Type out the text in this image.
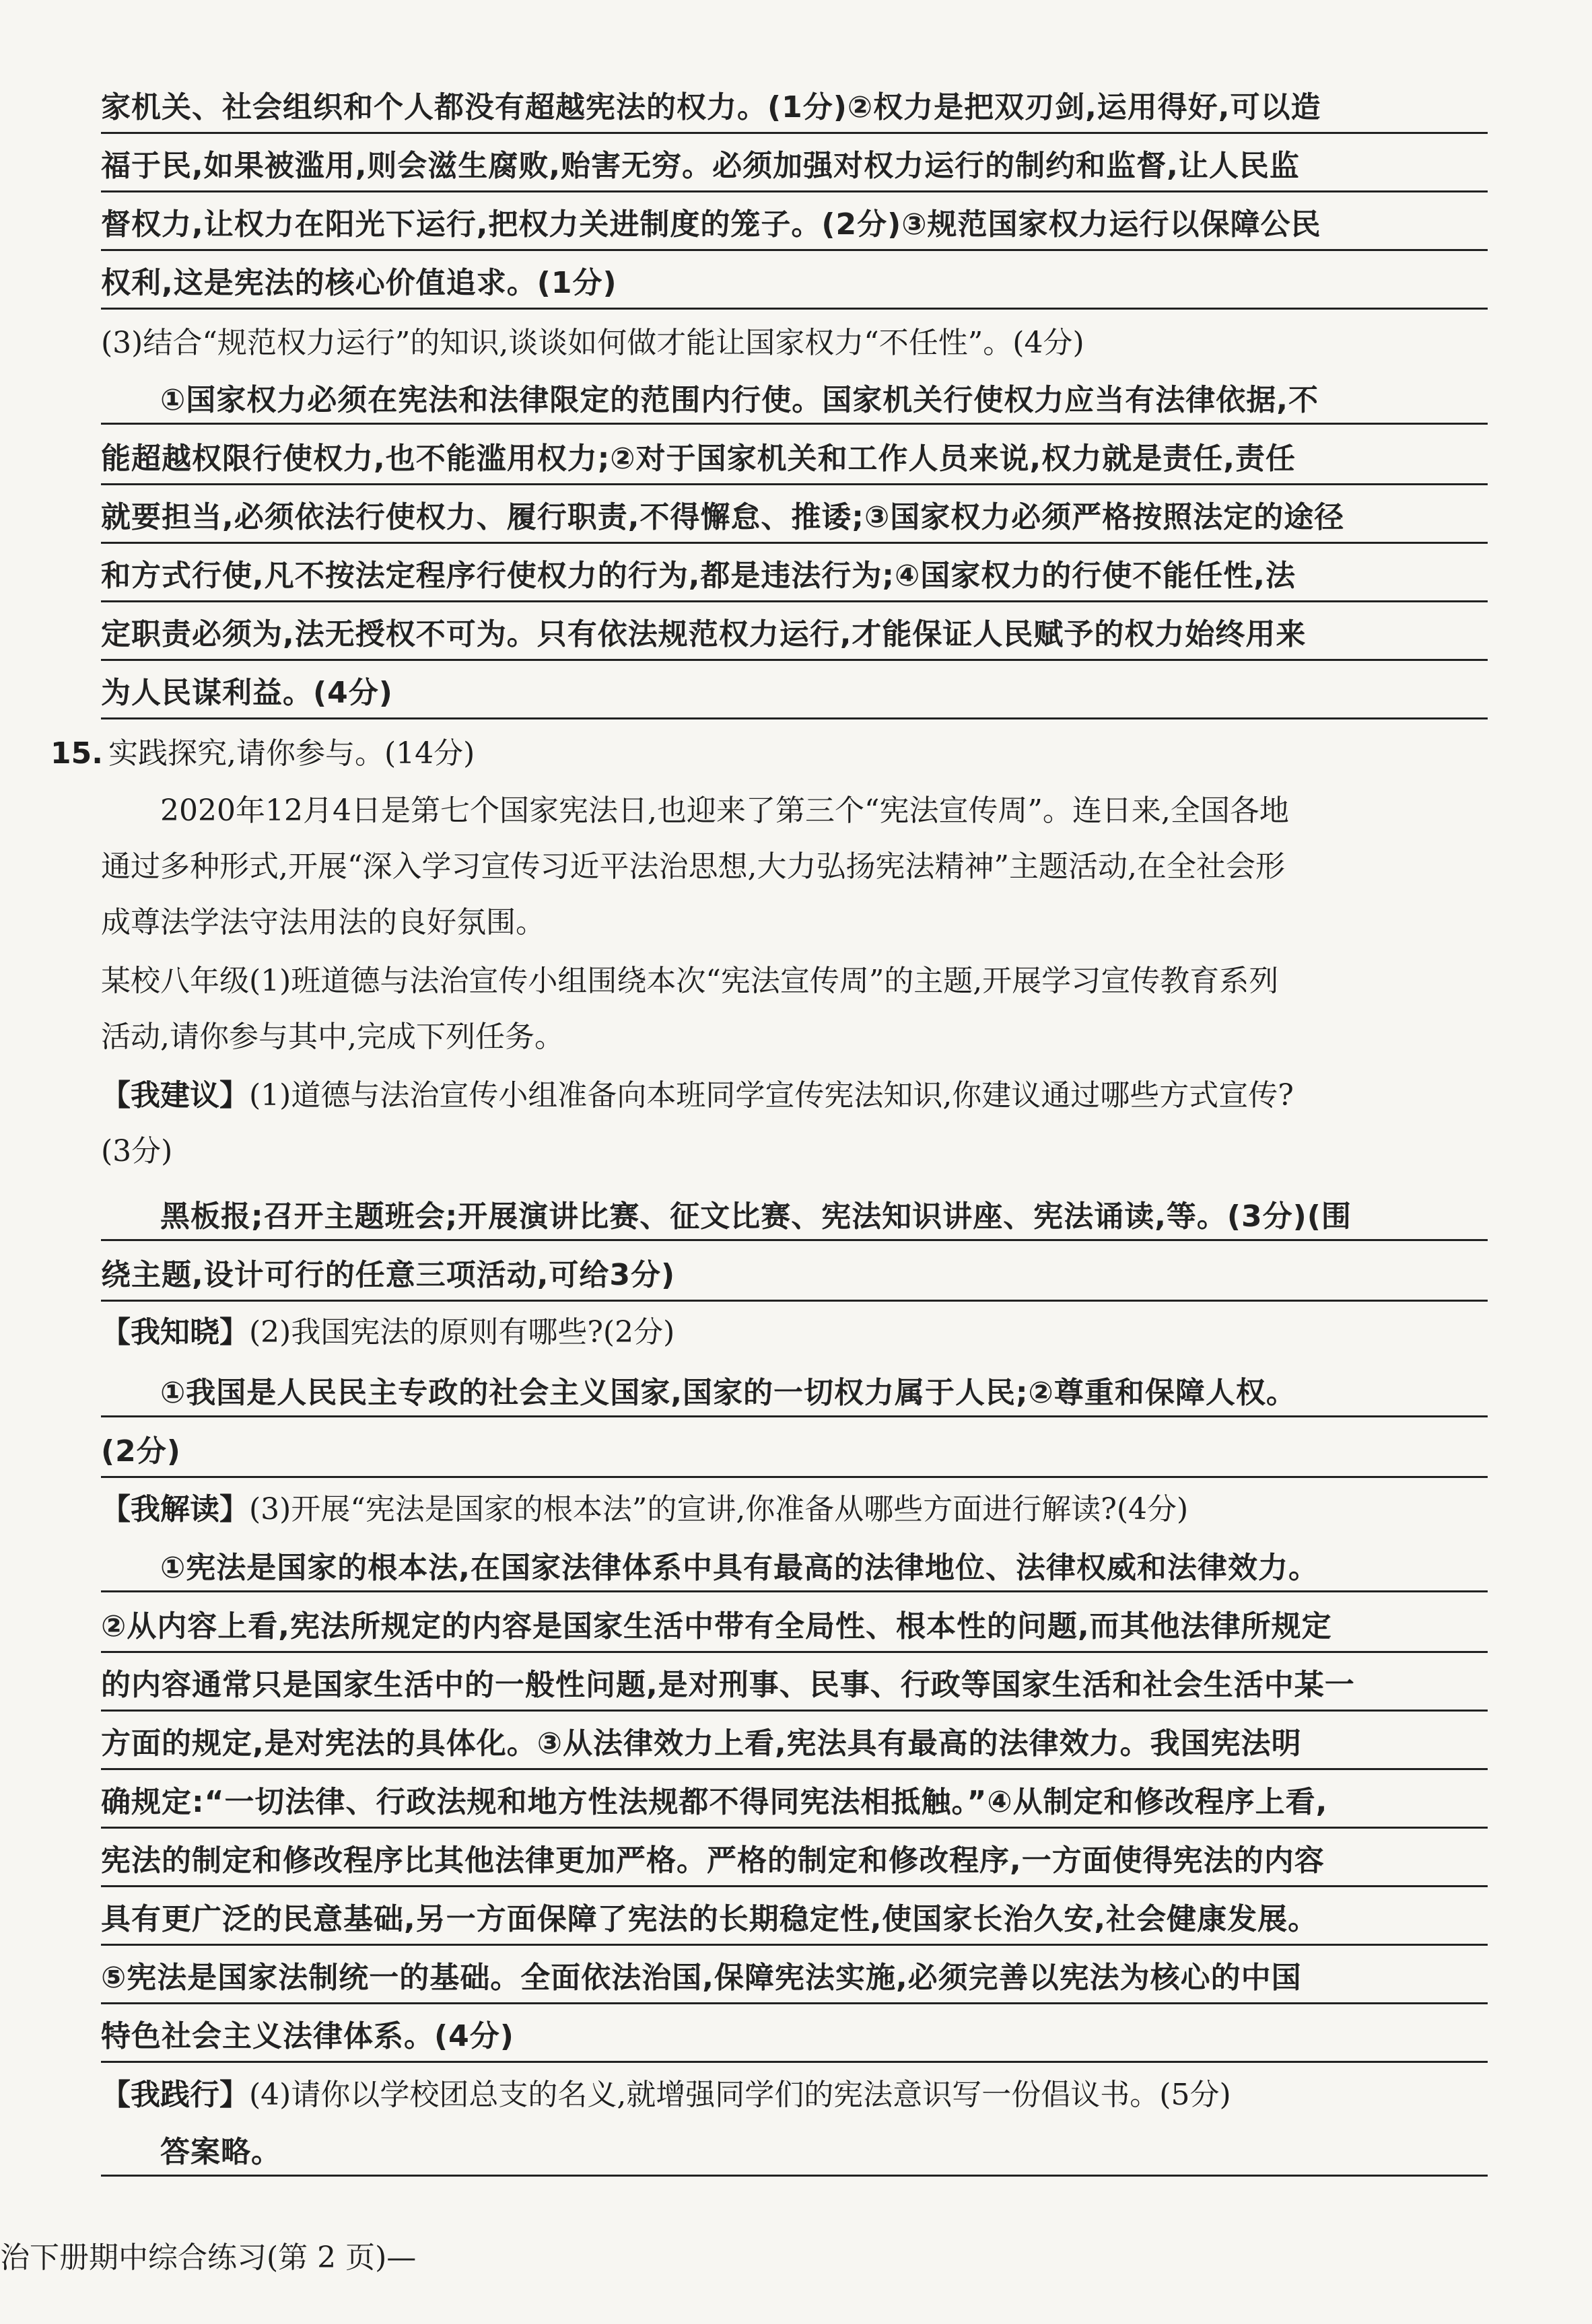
家机关、社会组织和个人都没有超越宪法的权力。(1分)②权力是把双刃剑,运用得好,可以造
福于民,如果被滥用,则会滋生腐败,贻害无穷。必须加强对权力运行的制约和监督,让人民监
督权力,让权力在阳光下运行,把权力关进制度的笼子。(2分)③规范国家权力运行以保障公民
权利,这是宪法的核心价值追求。(1分)
(3)结合“规范权力运行”的知识,谈谈如何做才能让国家权力“不任性”。(4分)
①国家权力必须在宪法和法律限定的范围内行使。国家机关行使权力应当有法律依据,不
能超越权限行使权力,也不能滥用权力;②对于国家机关和工作人员来说,权力就是责任,责任
就要担当,必须依法行使权力、履行职责,不得懈怠、推诿;③国家权力必须严格按照法定的途径
和方式行使,凡不按法定程序行使权力的行为,都是违法行为;④国家权力的行使不能任性,法
定职责必须为,法无授权不可为。只有依法规范权力运行,才能保证人民赋予的权力始终用来
为人民谋利益。(4分)
15. 实践探究,请你参与。(14分)
2020年12月4日是第七个国家宪法日,也迎来了第三个“宪法宣传周”。连日来,全国各地
通过多种形式,开展“深入学习宣传习近平法治思想,大力弘扬宪法精神”主题活动,在全社会形
成尊法学法守法用法的良好氛围。
某校八年级(1)班道德与法治宣传小组围绕本次“宪法宣传周”的主题,开展学习宣传教育系列
活动,请你参与其中,完成下列任务。
【我建议】(1)道德与法治宣传小组准备向本班同学宣传宪法知识,你建议通过哪些方式宣传?
(3分)
黑板报;召开主题班会;开展演讲比赛、征文比赛、宪法知识讲座、宪法诵读,等。(3分)(围
绕主题,设计可行的任意三项活动,可给3分)
【我知晓】(2)我国宪法的原则有哪些?(2分)
①我国是人民民主专政的社会主义国家,国家的一切权力属于人民;②尊重和保障人权。
(2分)
【我解读】(3)开展“宪法是国家的根本法”的宣讲,你准备从哪些方面进行解读?(4分)
①宪法是国家的根本法,在国家法律体系中具有最高的法律地位、法律权威和法律效力。
②从内容上看,宪法所规定的内容是国家生活中带有全局性、根本性的问题,而其他法律所规定
的内容通常只是国家生活中的一般性问题,是对刑事、民事、行政等国家生活和社会生活中某一
方面的规定,是对宪法的具体化。③从法律效力上看,宪法具有最高的法律效力。我国宪法明
确规定:“一切法律、行政法规和地方性法规都不得同宪法相抵触。”④从制定和修改程序上看,
宪法的制定和修改程序比其他法律更加严格。严格的制定和修改程序,一方面使得宪法的内容
具有更广泛的民意基础,另一方面保障了宪法的长期稳定性,使国家长治久安,社会健康发展。
⑤宪法是国家法制统一的基础。全面依法治国,保障宪法实施,必须完善以宪法为核心的中国
特色社会主义法律体系。(4分)
【我践行】(4)请你以学校团总支的名义,就增强同学们的宪法意识写一份倡议书。(5分)
答案略。
治下册期中综合练习(第 2 页)—
